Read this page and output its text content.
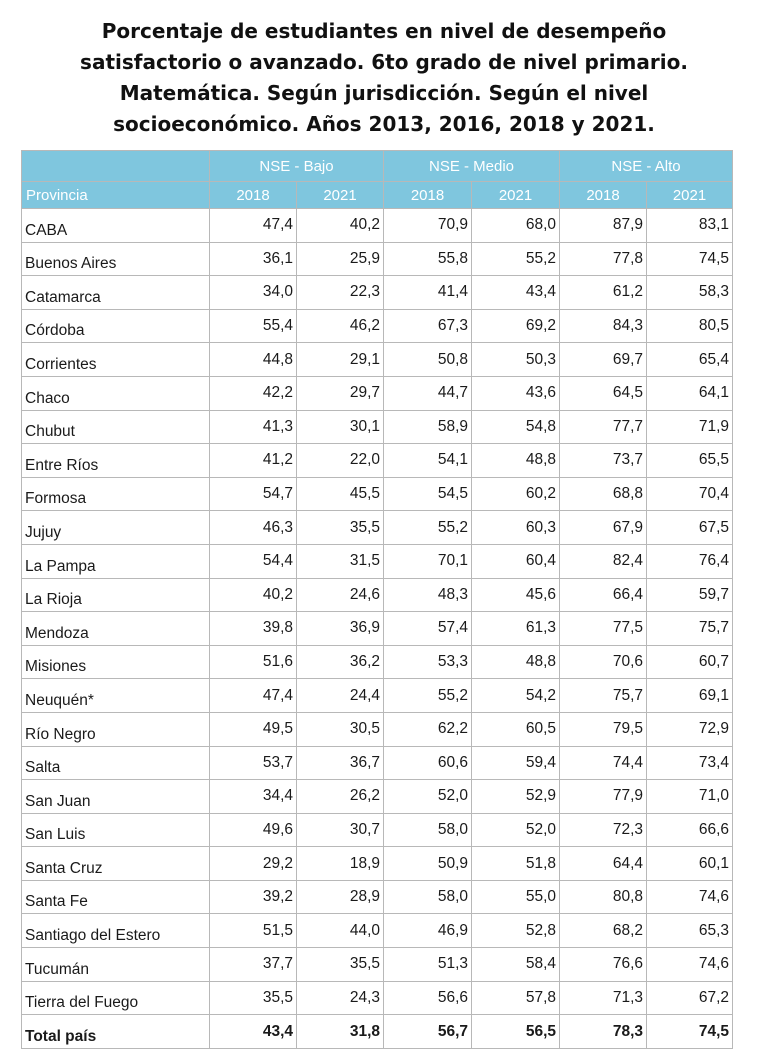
Porcentaje de estudiantes en nivel de desempeño
satisfactorio o avanzado. 6to grado de nivel primario.
Matemática. Según jurisdicción. Según el nivel
socioeconómico. Años 2013, 2016, 2018 y 2021.
	NSE - Bajo		NSE - Medio		NSE - Alto	
Provincia	2018	2021	2018	2021	2018	2021
CABA	47,4	40,2	70,9	68,0	87,9	83,1
Buenos Aires	36,1	25,9	55,8	55,2	77,8	74,5
Catamarca	34,0	22,3	41,4	43,4	61,2	58,3
Córdoba	55,4	46,2	67,3	69,2	84,3	80,5
Corrientes	44,8	29,1	50,8	50,3	69,7	65,4
Chaco	42,2	29,7	44,7	43,6	64,5	64,1
Chubut	41,3	30,1	58,9	54,8	77,7	71,9
Entre Ríos	41,2	22,0	54,1	48,8	73,7	65,5
Formosa	54,7	45,5	54,5	60,2	68,8	70,4
Jujuy	46,3	35,5	55,2	60,3	67,9	67,5
La Pampa	54,4	31,5	70,1	60,4	82,4	76,4
La Rioja	40,2	24,6	48,3	45,6	66,4	59,7
Mendoza	39,8	36,9	57,4	61,3	77,5	75,7
Misiones	51,6	36,2	53,3	48,8	70,6	60,7
Neuquén*	47,4	24,4	55,2	54,2	75,7	69,1
Río Negro	49,5	30,5	62,2	60,5	79,5	72,9
Salta	53,7	36,7	60,6	59,4	74,4	73,4
San Juan	34,4	26,2	52,0	52,9	77,9	71,0
San Luis	49,6	30,7	58,0	52,0	72,3	66,6
Santa Cruz	29,2	18,9	50,9	51,8	64,4	60,1
Santa Fe	39,2	28,9	58,0	55,0	80,8	74,6
Santiago del Estero	51,5	44,0	46,9	52,8	68,2	65,3
Tucumán	37,7	35,5	51,3	58,4	76,6	74,6
Tierra del Fuego	35,5	24,3	56,6	57,8	71,3	67,2
Total país	43,4	31,8	56,7	56,5	78,3	74,5
